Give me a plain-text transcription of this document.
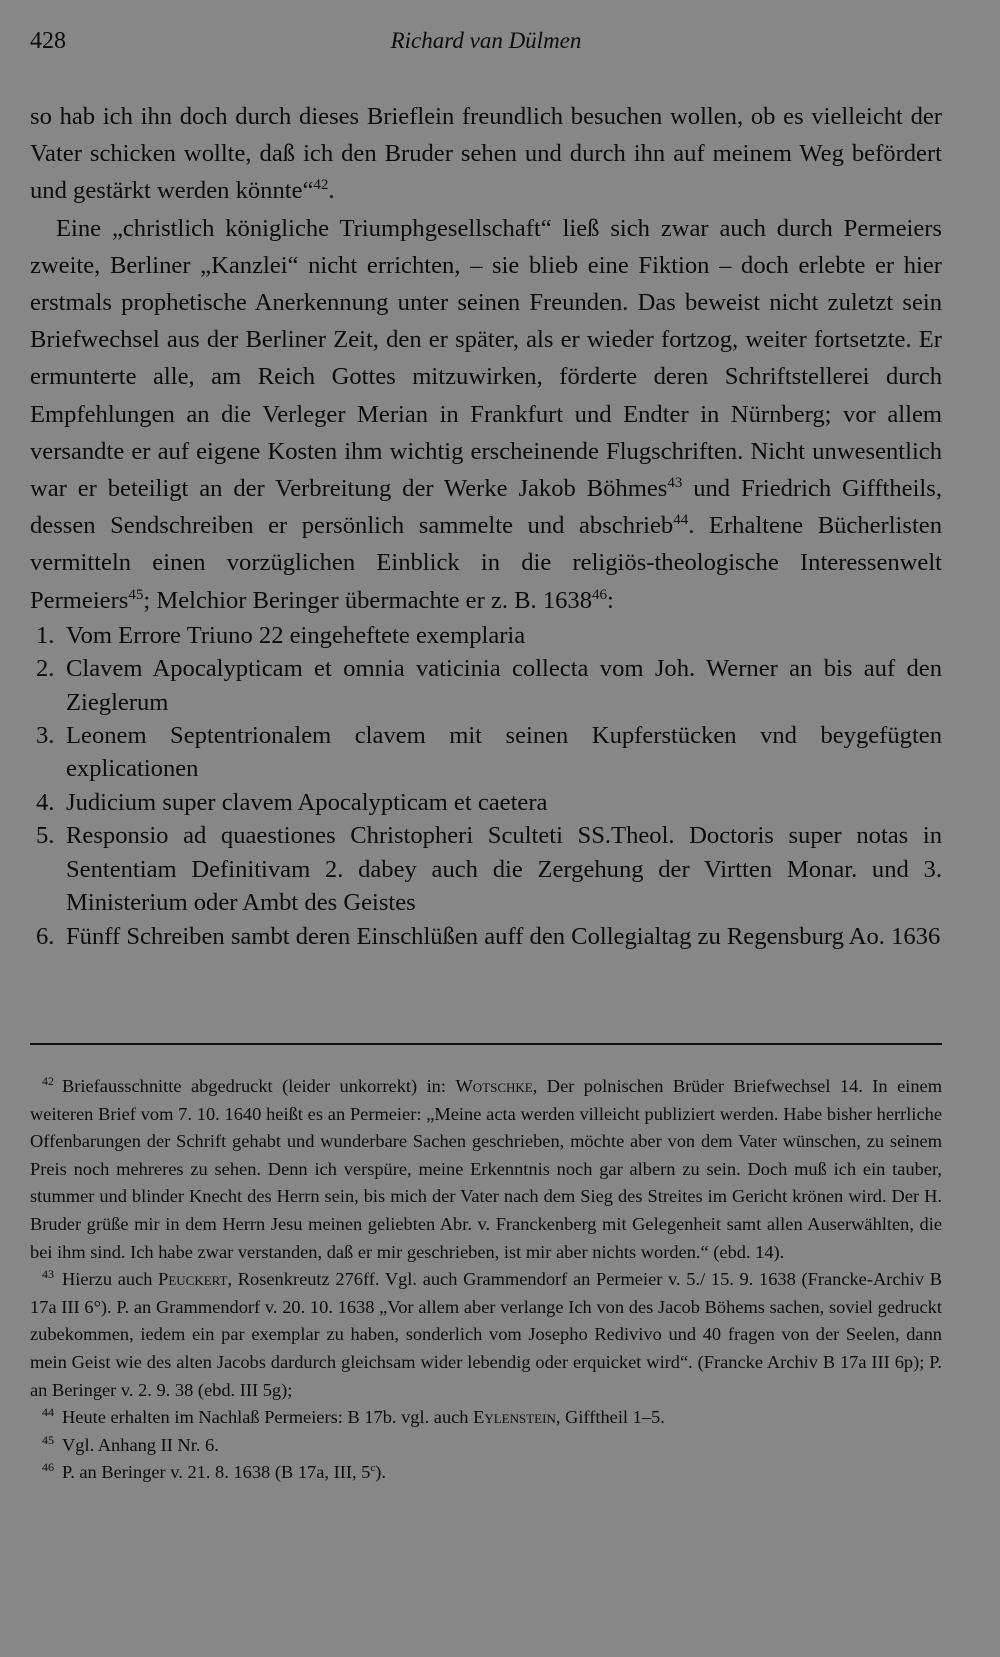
428	Richard van Dülmen

so hab ich ihn doch durch dieses Brieflein freundlich besuchen wollen, ob es vielleicht der Vater schicken wollte, daß ich den Bruder sehen und durch ihn auf meinem Weg befördert und gestärkt werden könnte“$^{42}$.

Eine „christlich königliche Triumphgesellschaft“ ließ sich zwar auch durch Permeiers zweite, Berliner „Kanzlei“ nicht errichten, – sie blieb eine Fiktion – doch erlebte er hier erstmals prophetische Anerkennung unter seinen Freunden. Das beweist nicht zuletzt sein Briefwechsel aus der Berliner Zeit, den er später, als er wieder fortzog, weiter fortsetzte. Er ermunterte alle, am Reich Gottes mitzuwirken, förderte deren Schriftstellerei durch Empfehlungen an die Verleger Merian in Frankfurt und Endter in Nürnberg; vor allem versandte er auf eigene Kosten ihm wichtig erscheinende Flugschriften. Nicht unwesentlich war er beteiligt an der Verbreitung der Werke Jakob Böhmes$^{43}$ und Friedrich Gifftheils, dessen Sendschreiben er persönlich sammelte und abschrieb$^{44}$. Erhaltene Bücherlisten vermitteln einen vorzüglichen Einblick in die religiös-theologische Interessenwelt Permeiers$^{45}$; Melchior Beringer übermachte er z. B. 1638$^{46}$:

1. Vom Errore Triuno 22 eingeheftete exemplaria
2. Clavem Apocalypticam et omnia vaticinia collecta vom Joh. Werner an bis auf den Zieglerum
3. Leonem Septentrionalem clavem mit seinen Kupferstücken vnd beygefügten explicationen
4. Judicium super clavem Apocalypticam et caetera
5. Responsio ad quaestiones Christopheri Sculteti SS.Theol. Doctoris super notas in Sententiam Definitivam 2. dabey auch die Zergehung der Virtten Monar. und 3. Ministerium oder Ambt des Geistes
6. Fünff Schreiben sambt deren Einschlüßen auff den Collegialtag zu Regensburg Ao. 1636

$^{42}$ Briefausschnitte abgedruckt (leider unkorrekt) in: Wotschke, Der polnischen Brüder Briefwechsel 14. In einem weiteren Brief vom 7. 10. 1640 heißt es an Permeier: „Meine acta werden villeicht publiziert werden. Habe bisher herrliche Offenbarungen der Schrift gehabt und wunderbare Sachen geschrieben, möchte aber von dem Vater wünschen, zu seinem Preis noch mehreres zu sehen. Denn ich verspüre, meine Erkenntnis noch gar albern zu sein. Doch muß ich ein tauber, stummer und blinder Knecht des Herrn sein, bis mich der Vater nach dem Sieg des Streites im Gericht krönen wird. Der H. Bruder grüße mir in dem Herrn Jesu meinen geliebten Abr. v. Franckenberg mit Gelegenheit samt allen Auserwählten, die bei ihm sind. Ich habe zwar verstanden, daß er mir geschrieben, ist mir aber nichts worden.“ (ebd. 14).

$^{43}$ Hierzu auch Peuckert, Rosenkreutz 276ff. Vgl. auch Grammendorf an Permeier v. 5./ 15. 9. 1638 (Francke-Archiv B 17a III 6°). P. an Grammendorf v. 20. 10. 1638 „Vor allem aber verlange Ich von des Jacob Böhems sachen, soviel gedruckt zubekommen, iedem ein par exemplar zu haben, sonderlich vom Josepho Redivivo und 40 fragen von der Seelen, dann mein Geist wie des alten Jacobs dardurch gleichsam wider lebendig oder erquicket wird“. (Francke Archiv B 17a III 6p); P. an Beringer v. 2. 9. 38 (ebd. III 5g);

$^{44}$ Heute erhalten im Nachlaß Permeiers: B 17b. vgl. auch Eylenstein, Gifftheil 1–5.

$^{45}$ Vgl. Anhang II Nr. 6.

$^{46}$ P. an Beringer v. 21. 8. 1638 (B 17a, III, 5$^c$).
